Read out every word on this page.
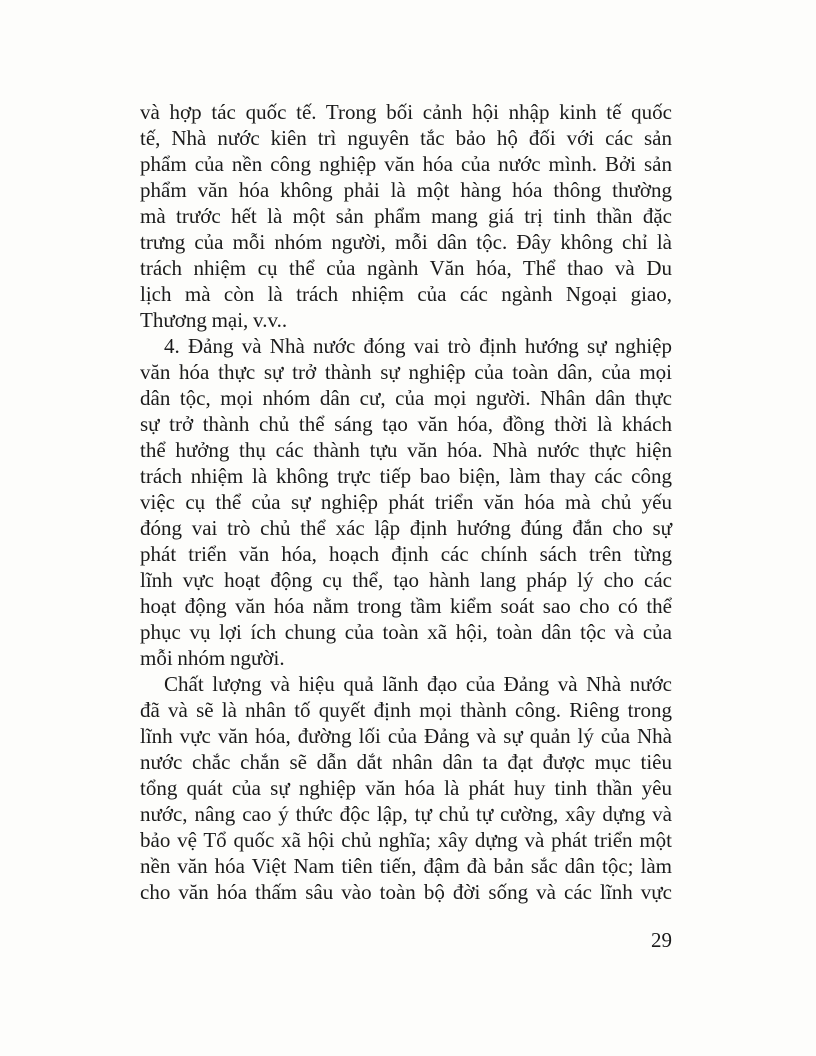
và hợp tác quốc tế. Trong bối cảnh hội nhập kinh tế quốc
tế, Nhà nước kiên trì nguyên tắc bảo hộ đối với các sản
phẩm của nền công nghiệp văn hóa của nước mình. Bởi sản
phẩm văn hóa không phải là một hàng hóa thông thường
mà trước hết là một sản phẩm mang giá trị tinh thần đặc
trưng của mỗi nhóm người, mỗi dân tộc. Đây không chỉ là
trách nhiệm cụ thể của ngành Văn hóa, Thể thao và Du
lịch mà còn là trách nhiệm của các ngành Ngoại giao,
Thương mại, v.v..
4. Đảng và Nhà nước đóng vai trò định hướng sự nghiệp
văn hóa thực sự trở thành sự nghiệp của toàn dân, của mọi
dân tộc, mọi nhóm dân cư, của mọi người. Nhân dân thực
sự trở thành chủ thể sáng tạo văn hóa, đồng thời là khách
thể hưởng thụ các thành tựu văn hóa. Nhà nước thực hiện
trách nhiệm là không trực tiếp bao biện, làm thay các công
việc cụ thể của sự nghiệp phát triển văn hóa mà chủ yếu
đóng vai trò chủ thể xác lập định hướng đúng đắn cho sự
phát triển văn hóa, hoạch định các chính sách trên từng
lĩnh vực hoạt động cụ thể, tạo hành lang pháp lý cho các
hoạt động văn hóa nằm trong tầm kiểm soát sao cho có thể
phục vụ lợi ích chung của toàn xã hội, toàn dân tộc và của
mỗi nhóm người.
Chất lượng và hiệu quả lãnh đạo của Đảng và Nhà nước
đã và sẽ là nhân tố quyết định mọi thành công. Riêng trong
lĩnh vực văn hóa, đường lối của Đảng và sự quản lý của Nhà
nước chắc chắn sẽ dẫn dắt nhân dân ta đạt được mục tiêu
tổng quát của sự nghiệp văn hóa là phát huy tinh thần yêu
nước, nâng cao ý thức độc lập, tự chủ tự cường, xây dựng và
bảo vệ Tổ quốc xã hội chủ nghĩa; xây dựng và phát triển một
nền văn hóa Việt Nam tiên tiến, đậm đà bản sắc dân tộc; làm
cho văn hóa thấm sâu vào toàn bộ đời sống và các lĩnh vực
29
